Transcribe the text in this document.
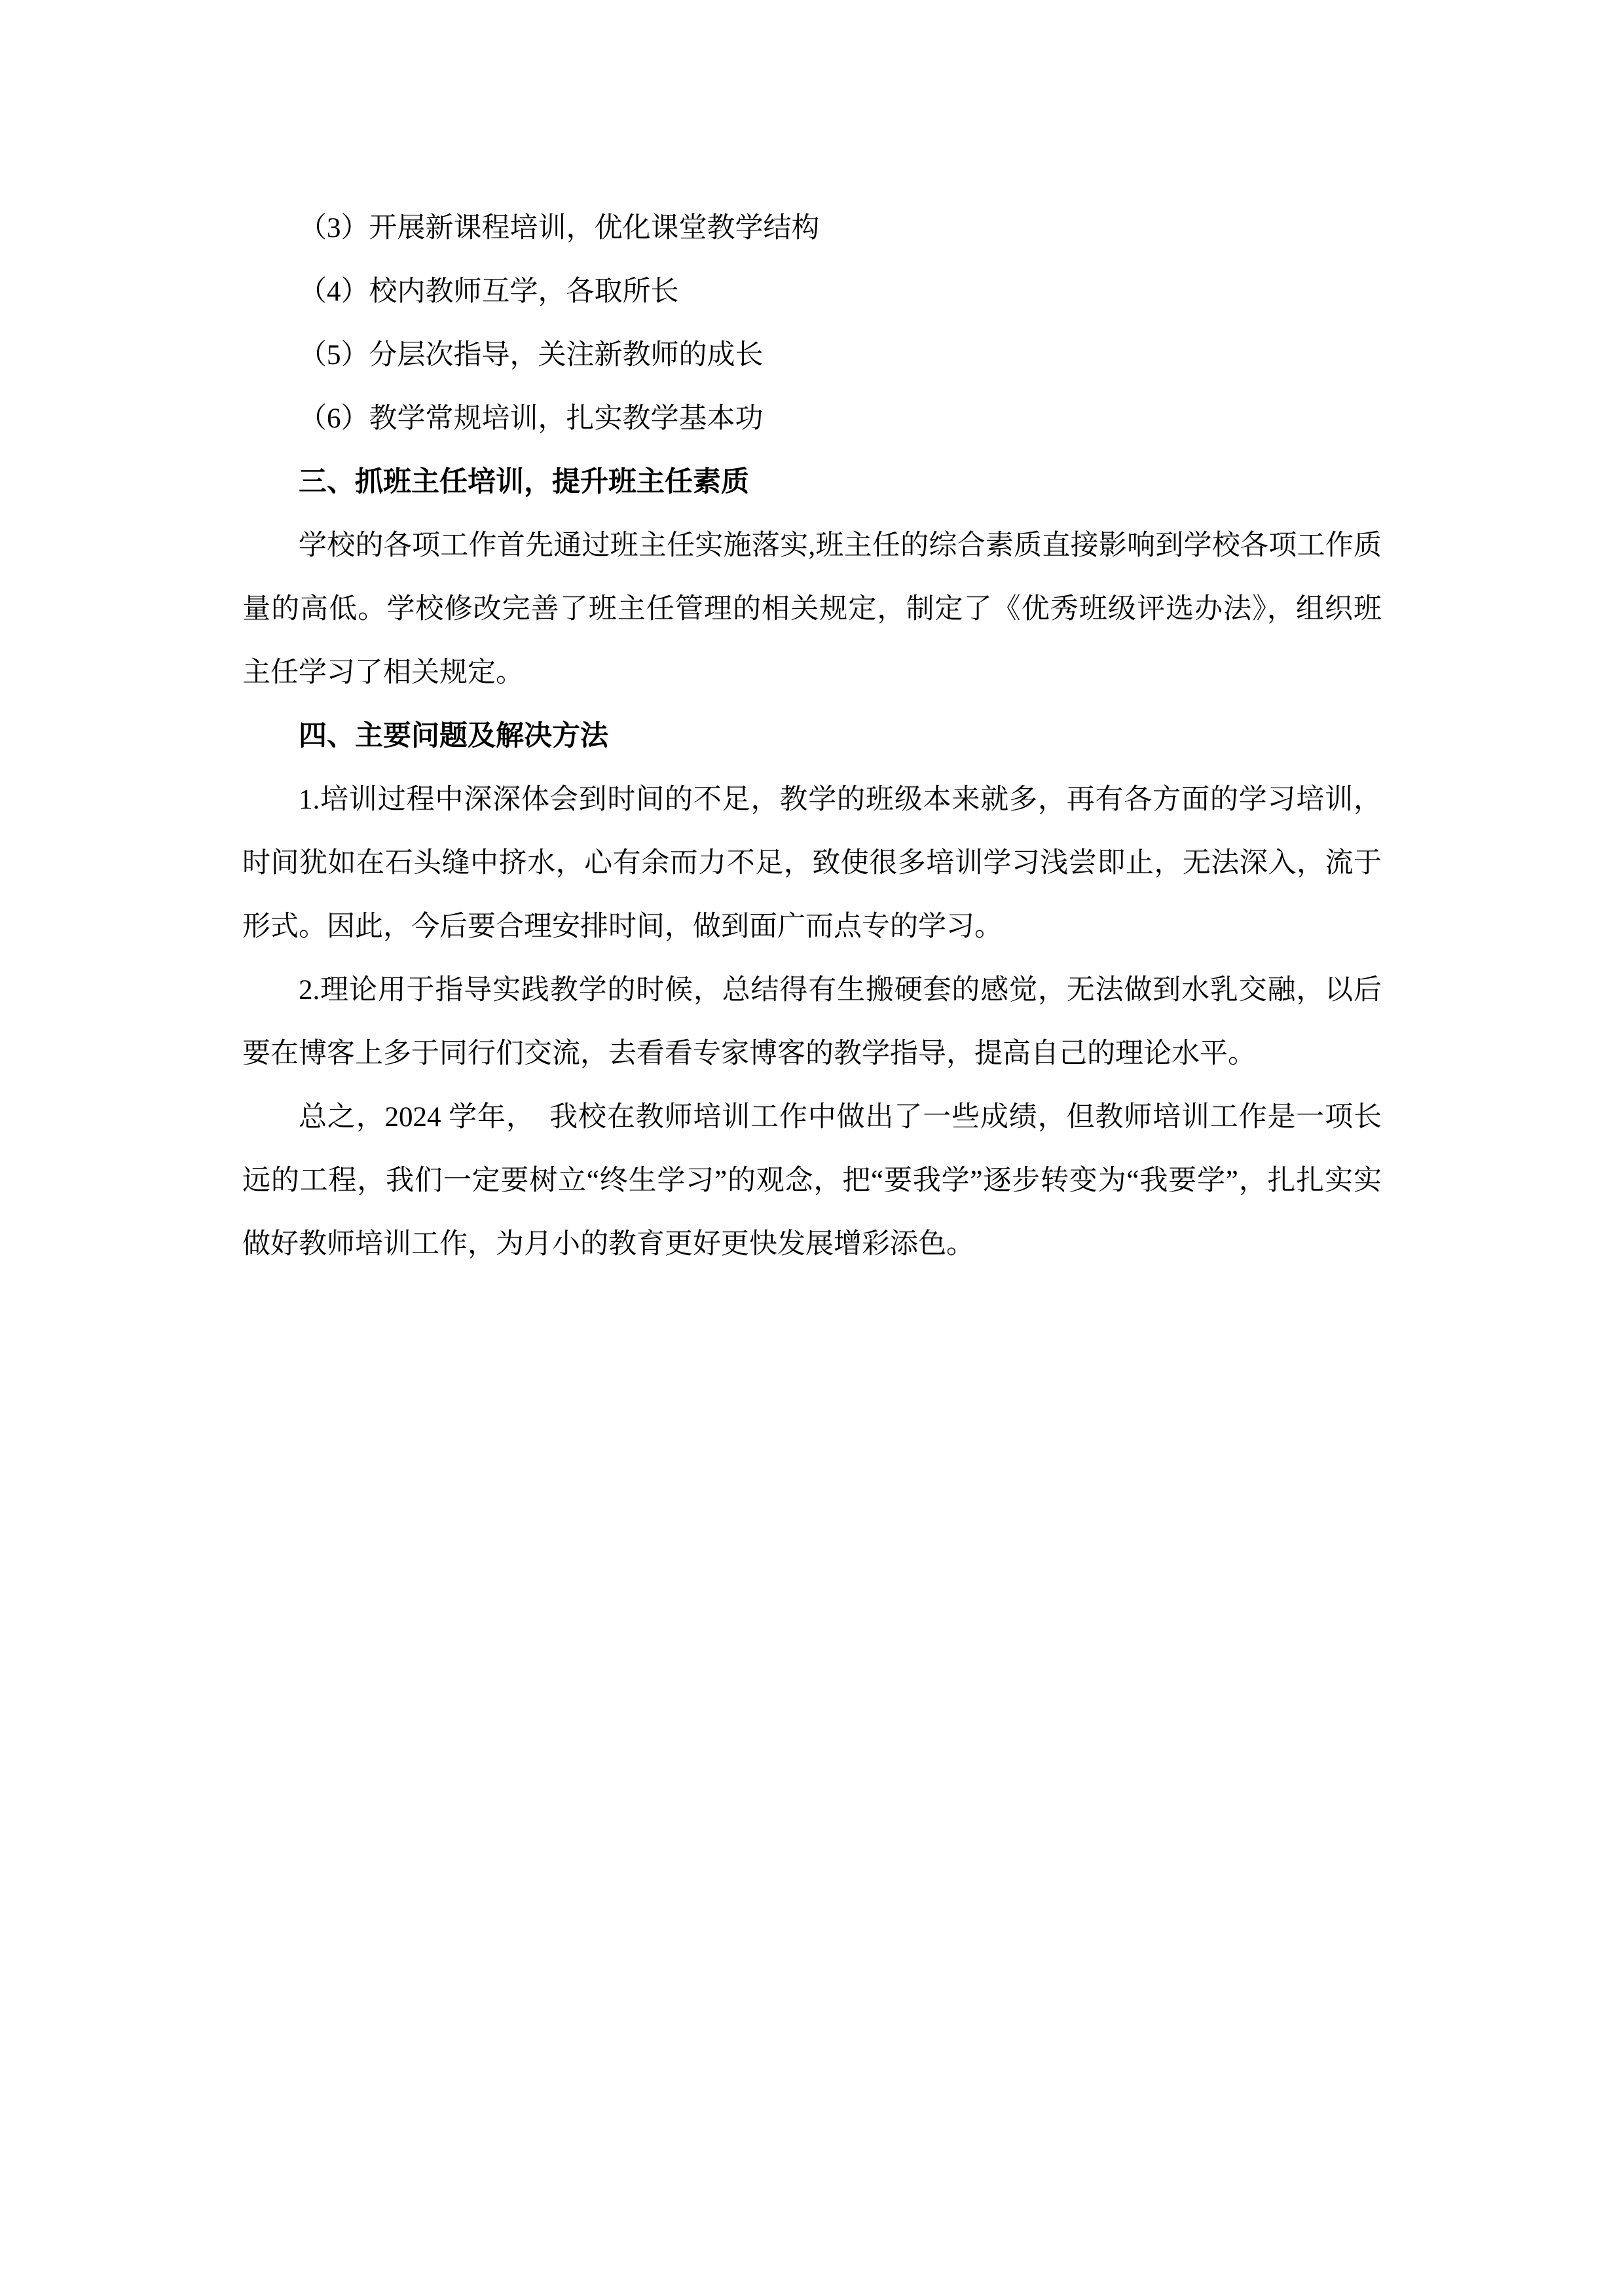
（3）开展新课程培训，优化课堂教学结构

（4）校内教师互学，各取所长

（5）分层次指导，关注新教师的成长

（6）教学常规培训，扎实教学基本功

三、抓班主任培训，提升班主任素质

学校的各项工作首先通过班主任实施落实,班主任的综合素质直接影响到学校各项工作质量的高低。学校修改完善了班主任管理的相关规定，制定了《优秀班级评选办法》，组织班主任学习了相关规定。

四、主要问题及解决方法

1.培训过程中深深体会到时间的不足，教学的班级本来就多，再有各方面的学习培训，时间犹如在石头缝中挤水，心有余而力不足，致使很多培训学习浅尝即止，无法深入，流于形式。因此，今后要合理安排时间，做到面广而点专的学习。

2.理论用于指导实践教学的时候，总结得有生搬硬套的感觉，无法做到水乳交融，以后要在博客上多于同行们交流，去看看专家博客的教学指导，提高自己的理论水平。

总之，2024 学年，　我校在教师培训工作中做出了一些成绩，但教师培训工作是一项长远的工程，我们一定要树立“终生学习”的观念，把“要我学”逐步转变为“我要学”，扎扎实实做好教师培训工作，为月小的教育更好更快发展增彩添色。
